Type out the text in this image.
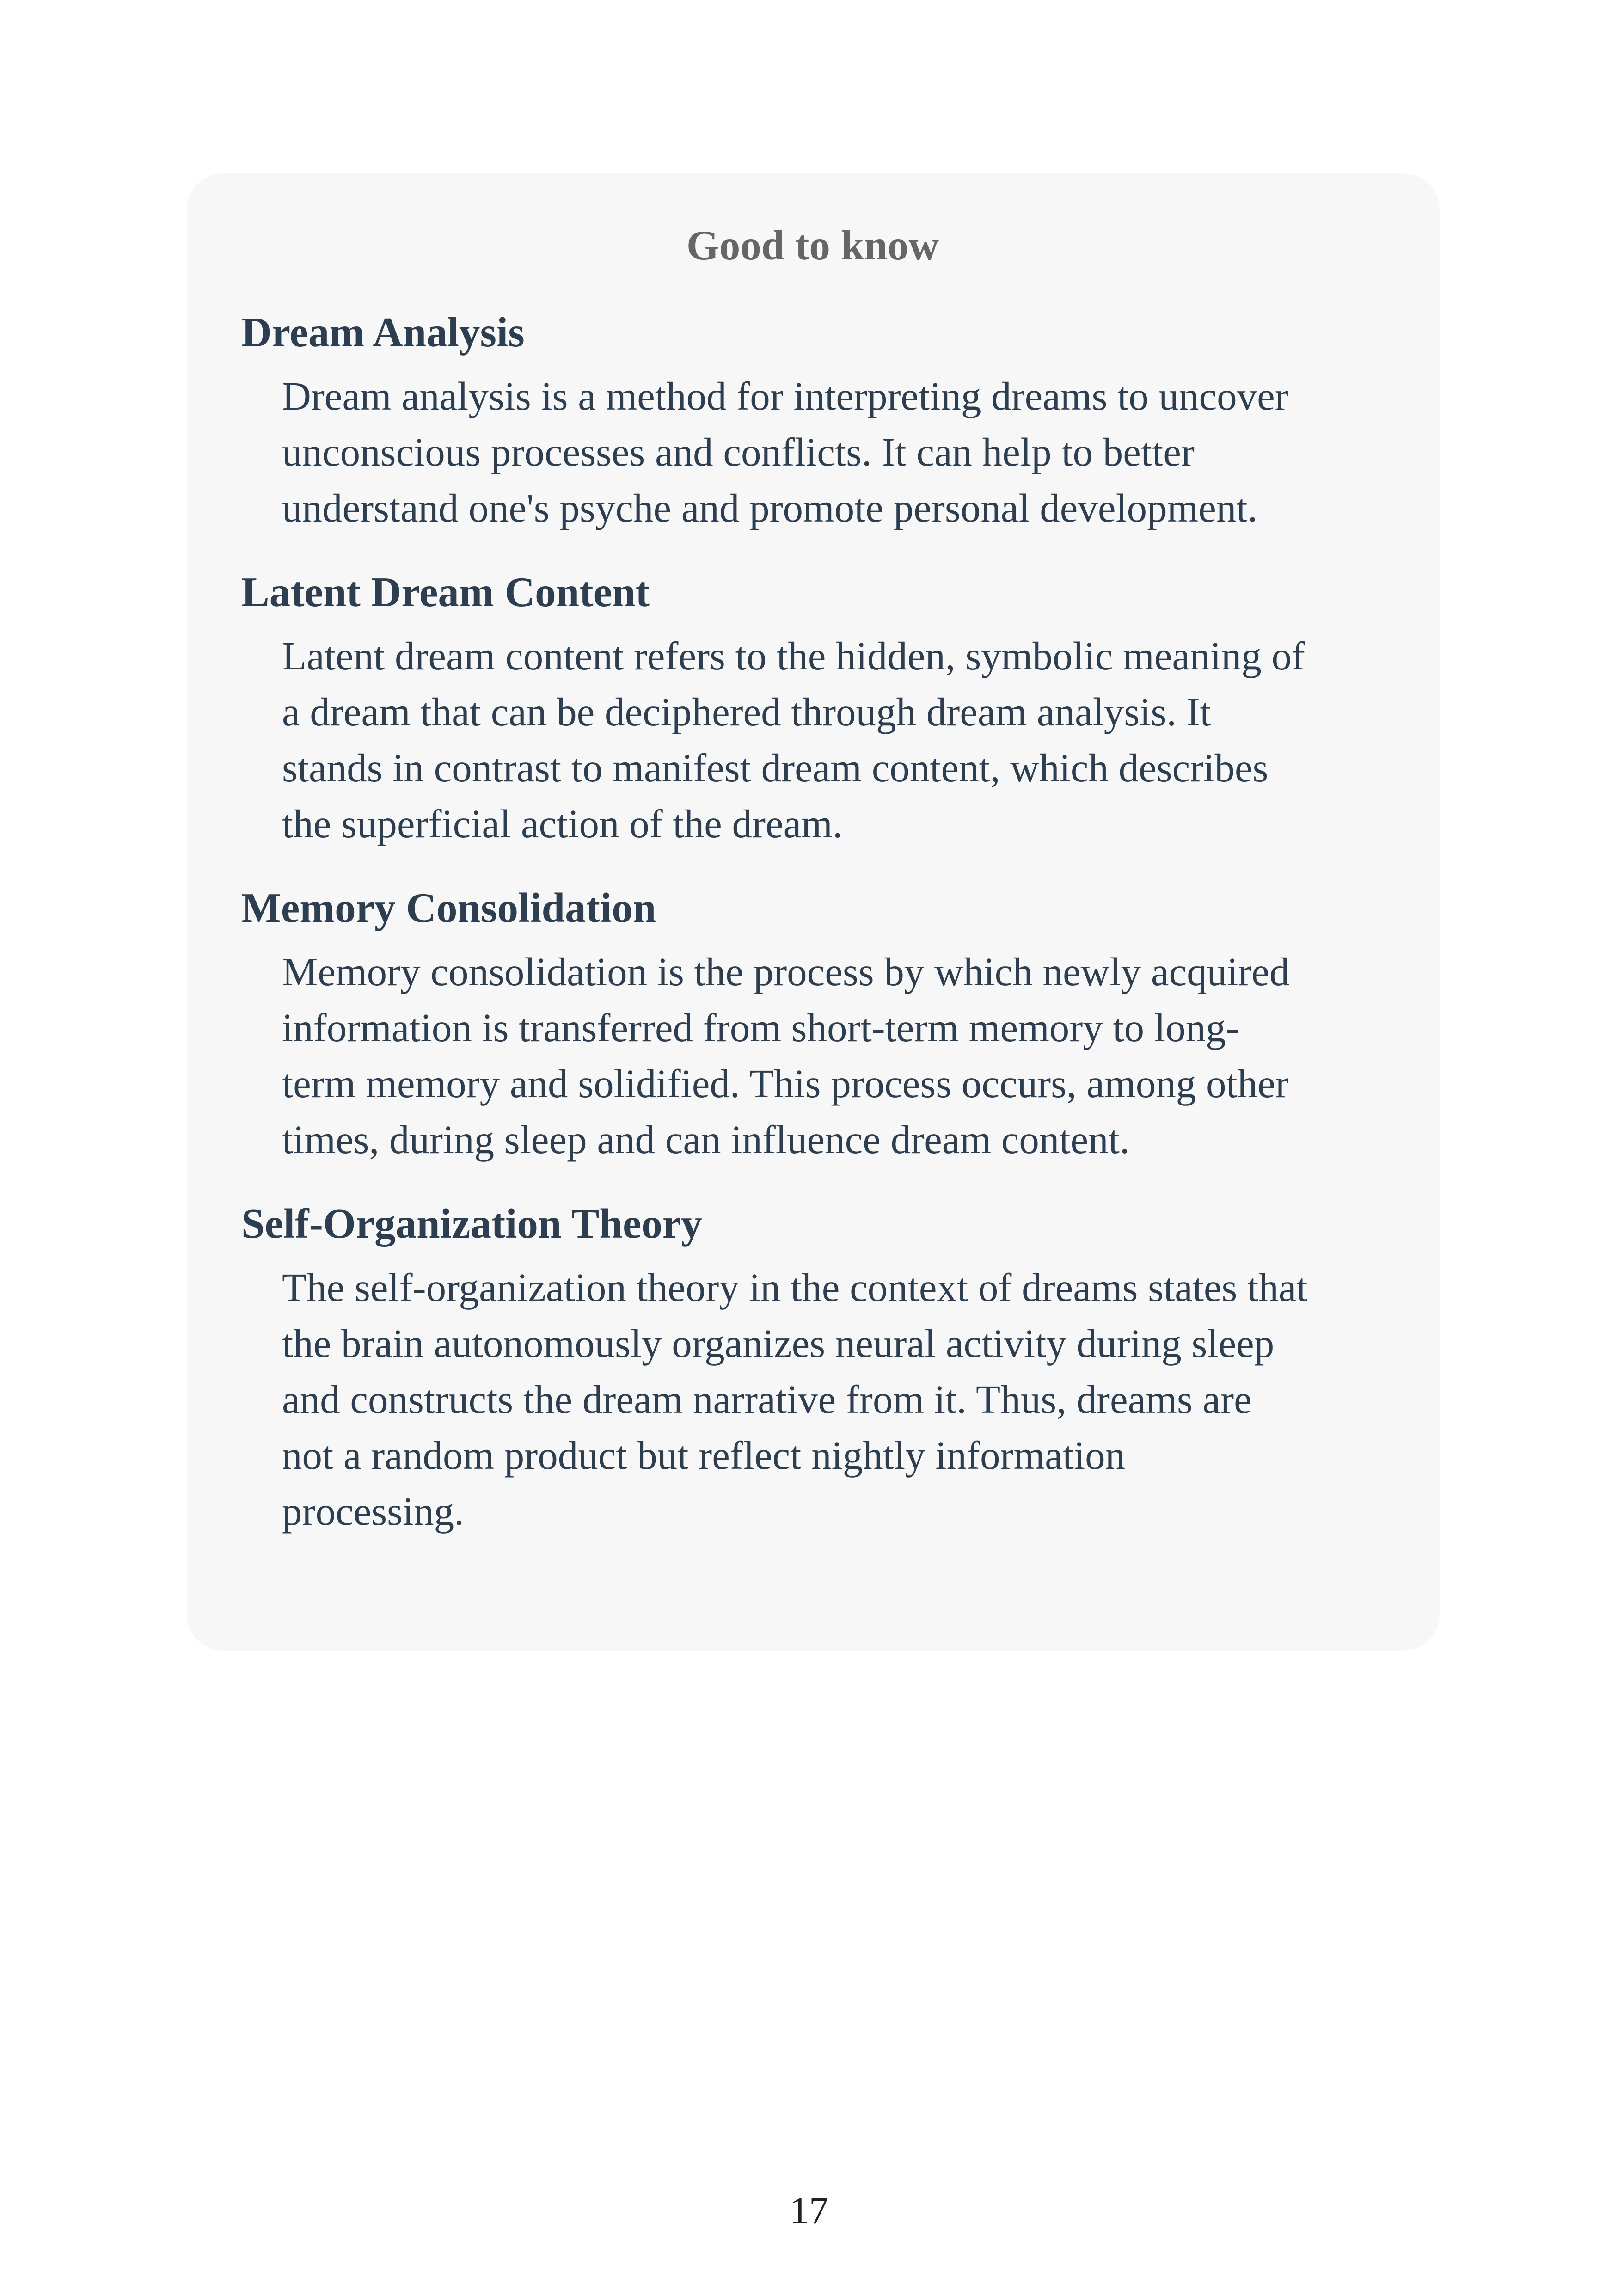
Good to know
Dream Analysis
Dream analysis is a method for interpreting dreams to uncover
unconscious processes and conflicts. It can help to better
understand one's psyche and promote personal development.
Latent Dream Content
Latent dream content refers to the hidden, symbolic meaning of
a dream that can be deciphered through dream analysis. It
stands in contrast to manifest dream content, which describes
the superficial action of the dream.
Memory Consolidation
Memory consolidation is the process by which newly acquired
information is transferred from short-term memory to long-
term memory and solidified. This process occurs, among other
times, during sleep and can influence dream content.
Self-Organization Theory
The self-organization theory in the context of dreams states that
the brain autonomously organizes neural activity during sleep
and constructs the dream narrative from it. Thus, dreams are
not a random product but reflect nightly information
processing.
17
